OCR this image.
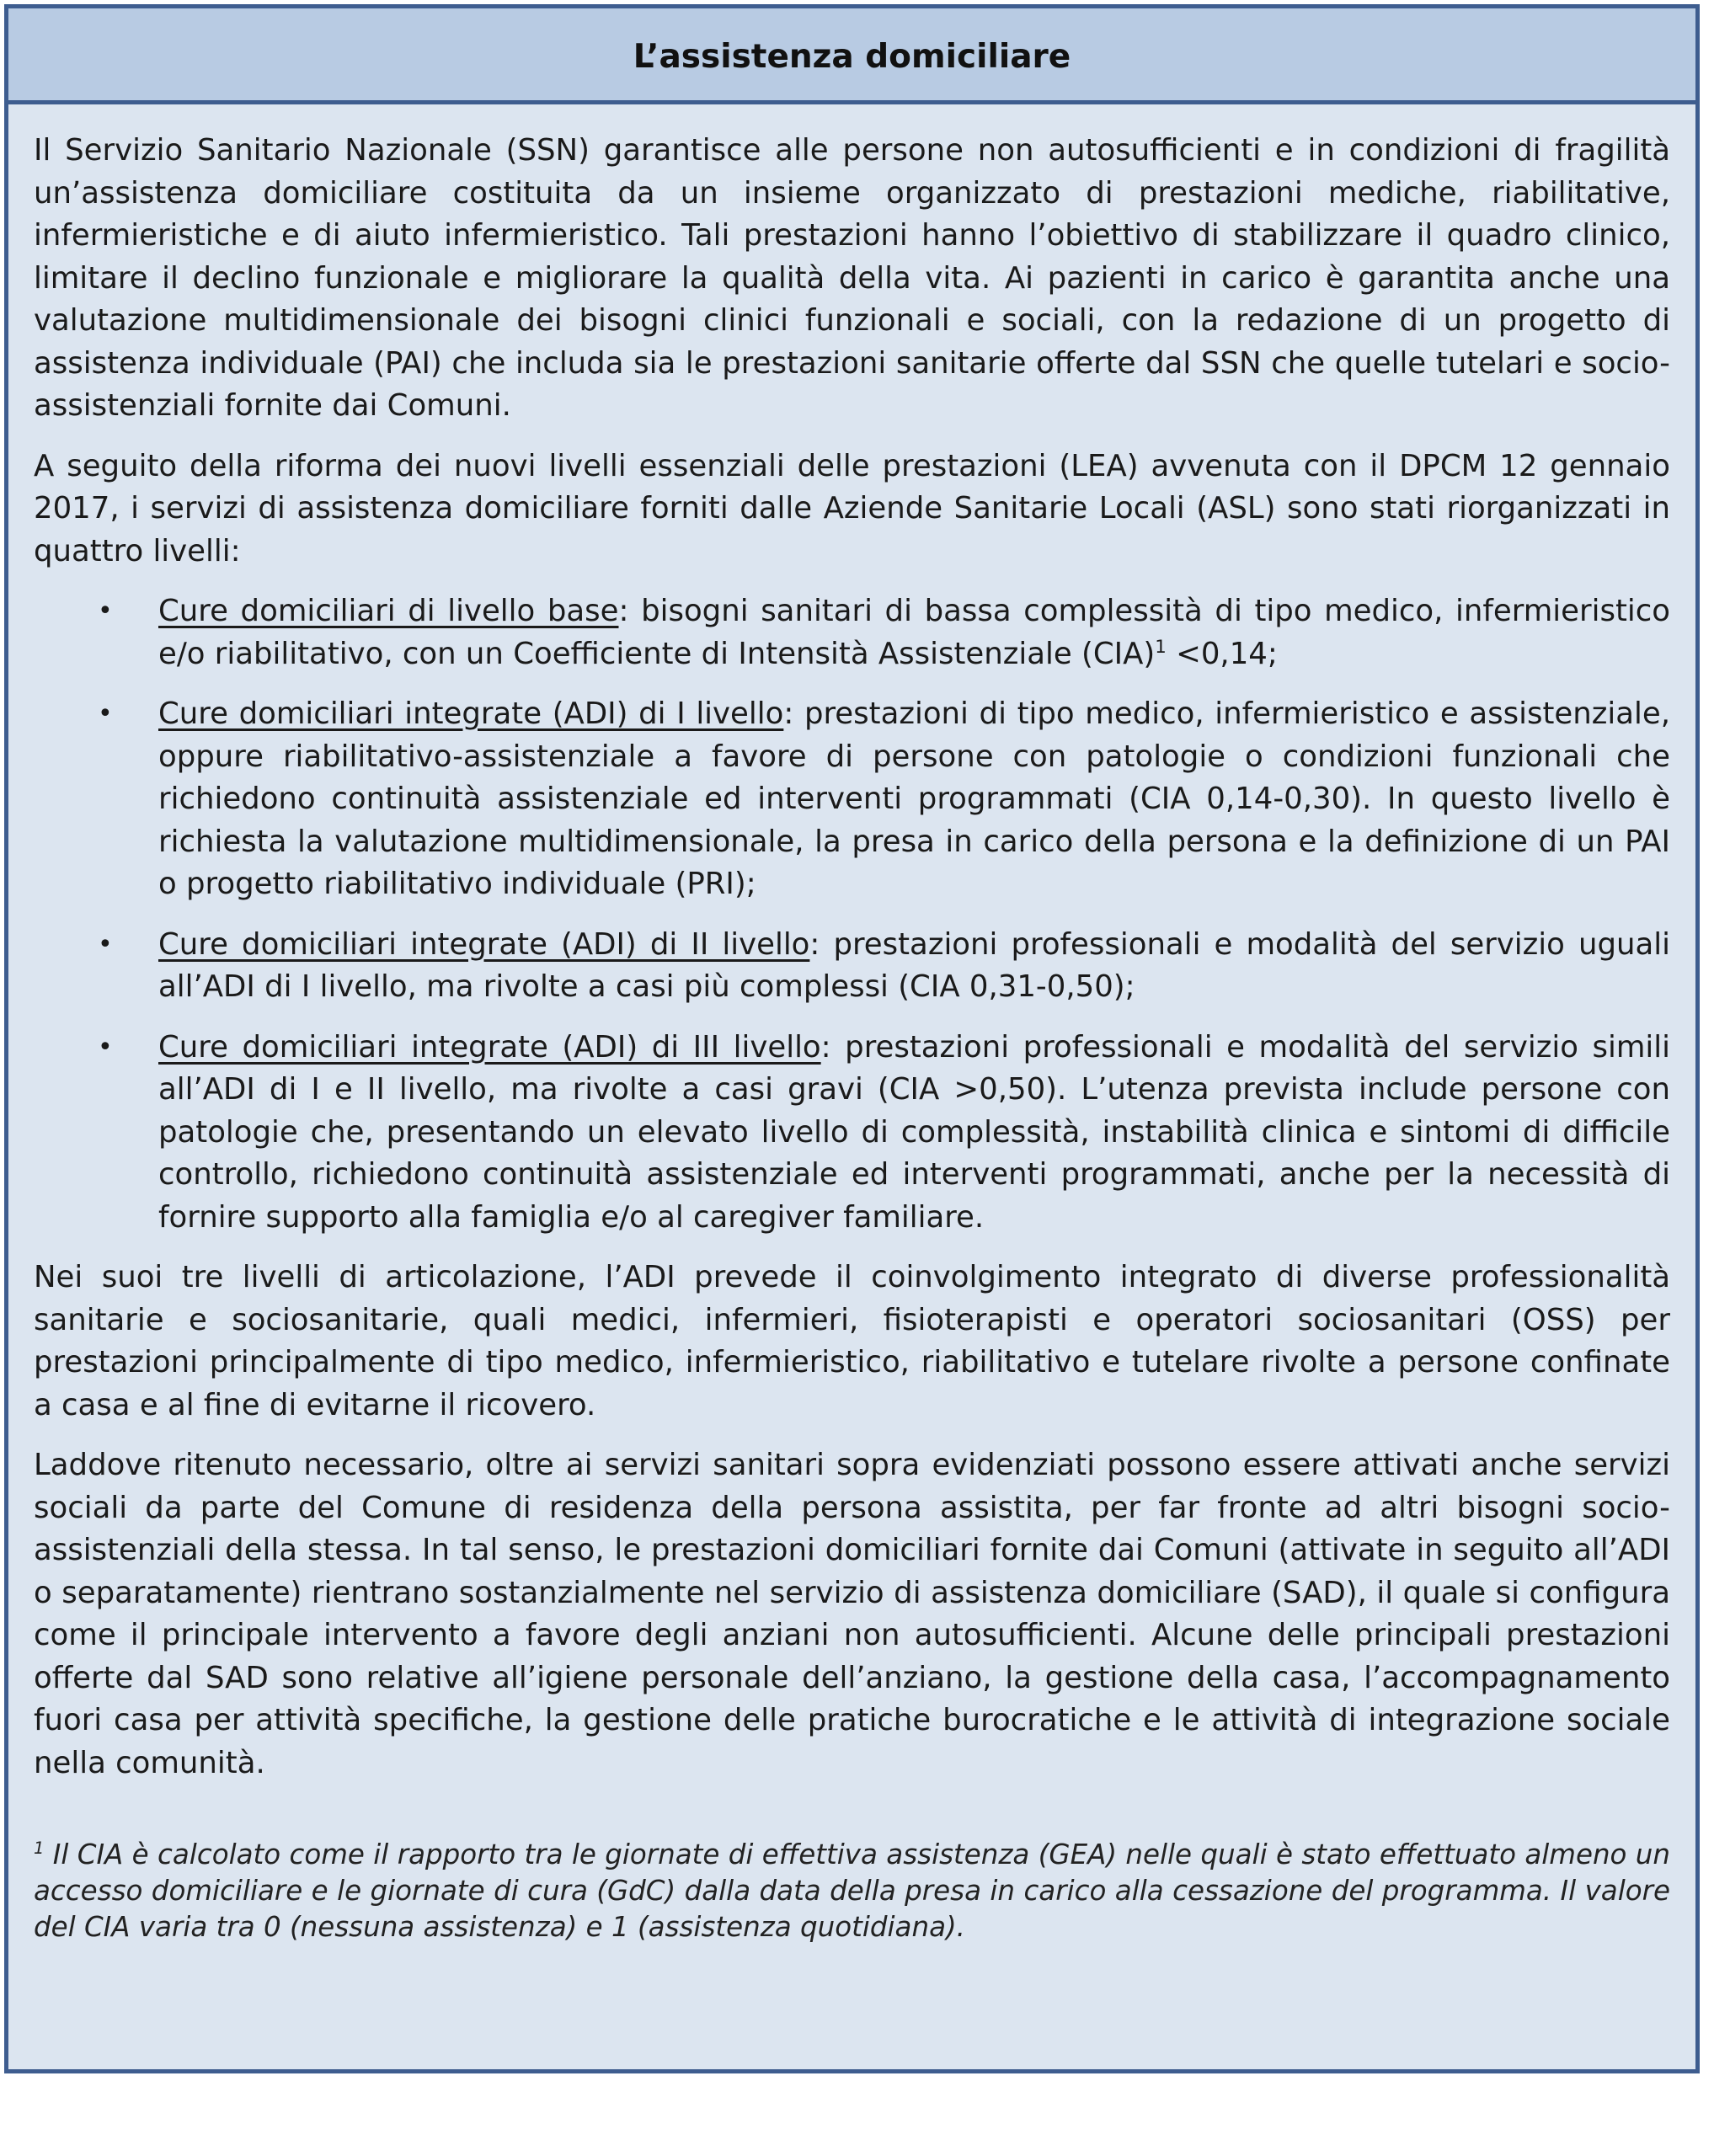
L’assistenza domiciliare

Il Servizio Sanitario Nazionale (SSN) garantisce alle persone non autosufficienti e in condizioni di fragilità un’assistenza domiciliare costituita da un insieme organizzato di prestazioni mediche, riabilitative, infermieristiche e di aiuto infermieristico. Tali prestazioni hanno l’obiettivo di stabilizzare il quadro clinico, limitare il declino funzionale e migliorare la qualità della vita. Ai pazienti in carico è garantita anche una valutazione multidimensionale dei bisogni clinici funzionali e sociali, con la redazione di un progetto di assistenza individuale (PAI) che includa sia le prestazioni sanitarie offerte dal SSN che quelle tutelari e socio-assistenziali fornite dai Comuni.

A seguito della riforma dei nuovi livelli essenziali delle prestazioni (LEA) avvenuta con il DPCM 12 gennaio 2017, i servizi di assistenza domiciliare forniti dalle Aziende Sanitarie Locali (ASL) sono stati riorganizzati in quattro livelli:

• Cure domiciliari di livello base: bisogni sanitari di bassa complessità di tipo medico, infermieristico e/o riabilitativo, con un Coefficiente di Intensità Assistenziale (CIA)$^1$ <0,14;
• Cure domiciliari integrate (ADI) di I livello: prestazioni di tipo medico, infermieristico e assistenziale, oppure riabilitativo-assistenziale a favore di persone con patologie o condizioni funzionali che richiedono continuità assistenziale ed interventi programmati (CIA 0,14-0,30). In questo livello è richiesta la valutazione multidimensionale, la presa in carico della persona e la definizione di un PAI o progetto riabilitativo individuale (PRI);
• Cure domiciliari integrate (ADI) di II livello: prestazioni professionali e modalità del servizio uguali all’ADI di I livello, ma rivolte a casi più complessi (CIA 0,31-0,50);
• Cure domiciliari integrate (ADI) di III livello: prestazioni professionali e modalità del servizio simili all’ADI di I e II livello, ma rivolte a casi gravi (CIA >0,50). L’utenza prevista include persone con patologie che, presentando un elevato livello di complessità, instabilità clinica e sintomi di difficile controllo, richiedono continuità assistenziale ed interventi programmati, anche per la necessità di fornire supporto alla famiglia e/o al caregiver familiare.

Nei suoi tre livelli di articolazione, l’ADI prevede il coinvolgimento integrato di diverse professionalità sanitarie e sociosanitarie, quali medici, infermieri, fisioterapisti e operatori sociosanitari (OSS) per prestazioni principalmente di tipo medico, infermieristico, riabilitativo e tutelare rivolte a persone confinate a casa e al fine di evitarne il ricovero.

Laddove ritenuto necessario, oltre ai servizi sanitari sopra evidenziati possono essere attivati anche servizi sociali da parte del Comune di residenza della persona assistita, per far fronte ad altri bisogni socio-assistenziali della stessa. In tal senso, le prestazioni domiciliari fornite dai Comuni (attivate in seguito all’ADI o separatamente) rientrano sostanzialmente nel servizio di assistenza domiciliare (SAD), il quale si configura come il principale intervento a favore degli anziani non autosufficienti. Alcune delle principali prestazioni offerte dal SAD sono relative all’igiene personale dell’anziano, la gestione della casa, l’accompagnamento fuori casa per attività specifiche, la gestione delle pratiche burocratiche e le attività di integrazione sociale nella comunità.

$^1$ Il CIA è calcolato come il rapporto tra le giornate di effettiva assistenza (GEA) nelle quali è stato effettuato almeno un accesso domiciliare e le giornate di cura (GdC) dalla data della presa in carico alla cessazione del programma. Il valore del CIA varia tra 0 (nessuna assistenza) e 1 (assistenza quotidiana).
